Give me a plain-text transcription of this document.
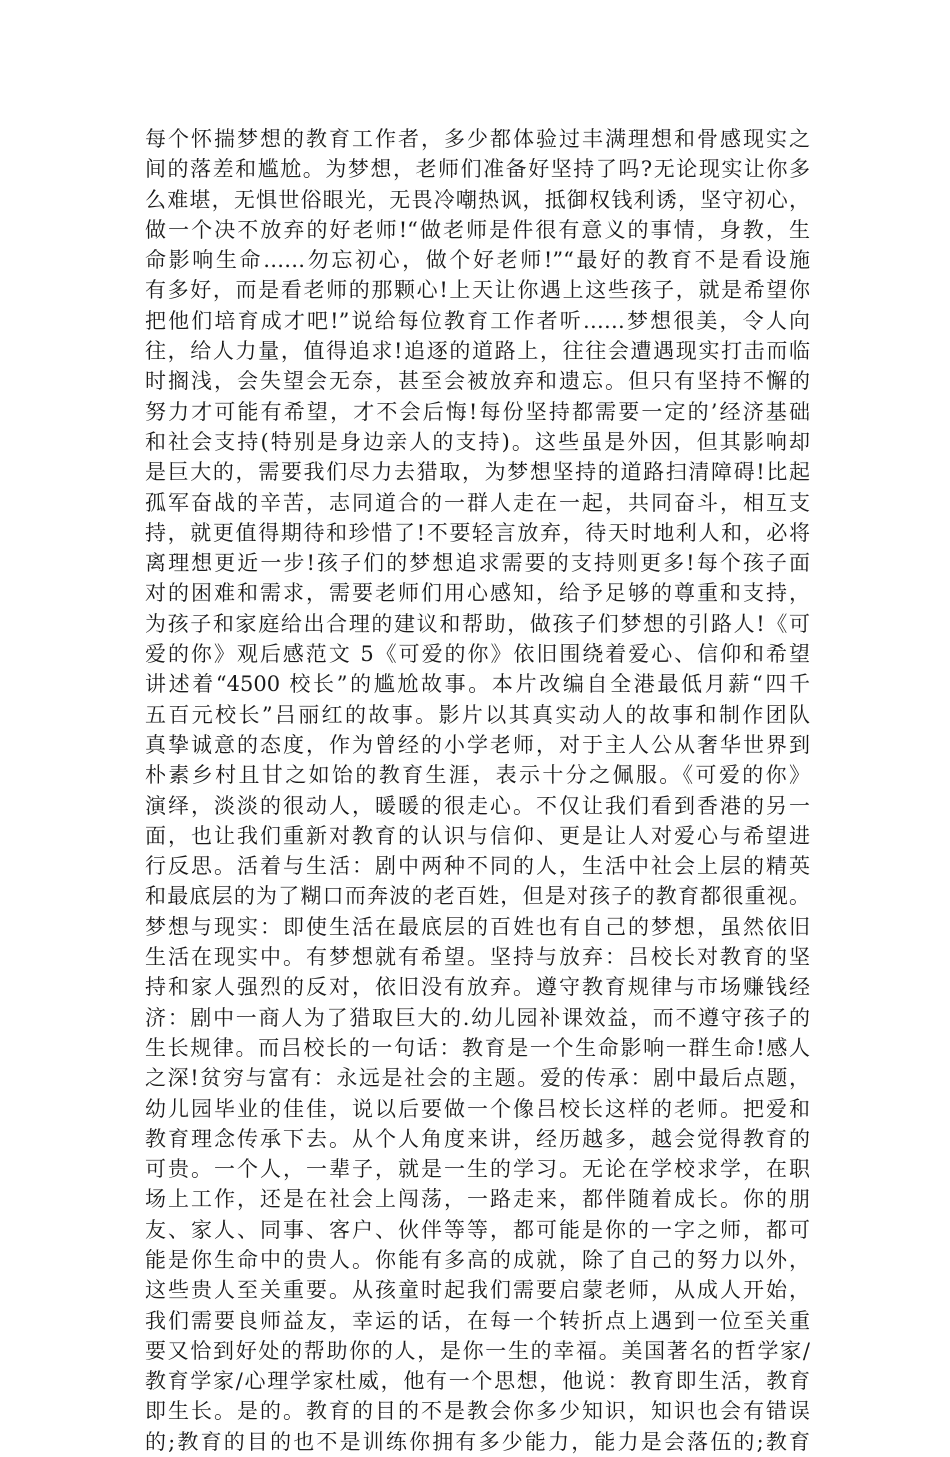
每个怀揣梦想的教育工作者，多少都体验过丰满理想和骨感现实之
间的落差和尴尬。为梦想，老师们准备好坚持了吗?无论现实让你多
么难堪，无惧世俗眼光，无畏冷嘲热讽，抵御权钱利诱，坚守初心，
做一个决不放弃的好老师!“做老师是件很有意义的事情，身教，生
命影响生命……勿忘初心，做个好老师!”“最好的教育不是看设施
有多好，而是看老师的那颗心!上天让你遇上这些孩子，就是希望你
把他们培育成才吧!”说给每位教育工作者听……梦想很美，令人向
往，给人力量，值得追求!追逐的道路上，往往会遭遇现实打击而临
时搁浅，会失望会无奈，甚至会被放弃和遗忘。但只有坚持不懈的
努力才可能有希望，才不会后悔!每份坚持都需要一定的’经济基础
和社会支持(特别是身边亲人的支持)。这些虽是外因，但其影响却
是巨大的，需要我们尽力去猎取，为梦想坚持的道路扫清障碍!比起
孤军奋战的辛苦，志同道合的一群人走在一起，共同奋斗，相互支
持，就更值得期待和珍惜了!不要轻言放弃，待天时地利人和，必将
离理想更近一步!孩子们的梦想追求需要的支持则更多!每个孩子面
对的困难和需求，需要老师们用心感知，给予足够的尊重和支持，
为孩子和家庭给出合理的建议和帮助，做孩子们梦想的引路人!《可
爱的你》观后感范文 5《可爱的你》依旧围绕着爱心、信仰和希望
讲述着“4500 校长”的尴尬故事。本片改编自全港最低月薪“四千
五百元校长”吕丽红的故事。影片以其真实动人的故事和制作团队
真挚诚意的态度，作为曾经的小学老师，对于主人公从奢华世界到
朴素乡村且甘之如饴的教育生涯，表示十分之佩服。《可爱的你》
演绎，淡淡的很动人，暖暖的很走心。不仅让我们看到香港的另一
面，也让我们重新对教育的认识与信仰、更是让人对爱心与希望进
行反思。活着与生活：剧中两种不同的人，生活中社会上层的精英
和最底层的为了糊口而奔波的老百姓，但是对孩子的教育都很重视。
梦想与现实：即使生活在最底层的百姓也有自己的梦想，虽然依旧
生活在现实中。有梦想就有希望。坚持与放弃：吕校长对教育的坚
持和家人强烈的反对，依旧没有放弃。遵守教育规律与市场赚钱经
济：剧中一商人为了猎取巨大的.幼儿园补课效益，而不遵守孩子的
生长规律。而吕校长的一句话：教育是一个生命影响一群生命!感人
之深!贫穷与富有：永远是社会的主题。爱的传承：剧中最后点题，
幼儿园毕业的佳佳，说以后要做一个像吕校长这样的老师。把爱和
教育理念传承下去。从个人角度来讲，经历越多，越会觉得教育的
可贵。一个人，一辈子，就是一生的学习。无论在学校求学，在职
场上工作，还是在社会上闯荡，一路走来，都伴随着成长。你的朋
友、家人、同事、客户、伙伴等等，都可能是你的一字之师，都可
能是你生命中的贵人。你能有多高的成就，除了自己的努力以外，
这些贵人至关重要。从孩童时起我们需要启蒙老师，从成人开始，
我们需要良师益友，幸运的话，在每一个转折点上遇到一位至关重
要又恰到好处的帮助你的人，是你一生的幸福。美国著名的哲学家/
教育学家/心理学家杜威，他有一个思想，他说：教育即生活，教育
即生长。是的。教育的目的不是教会你多少知识，知识也会有错误
的;教育的目的也不是训练你拥有多少能力，能力是会落伍的;教育
